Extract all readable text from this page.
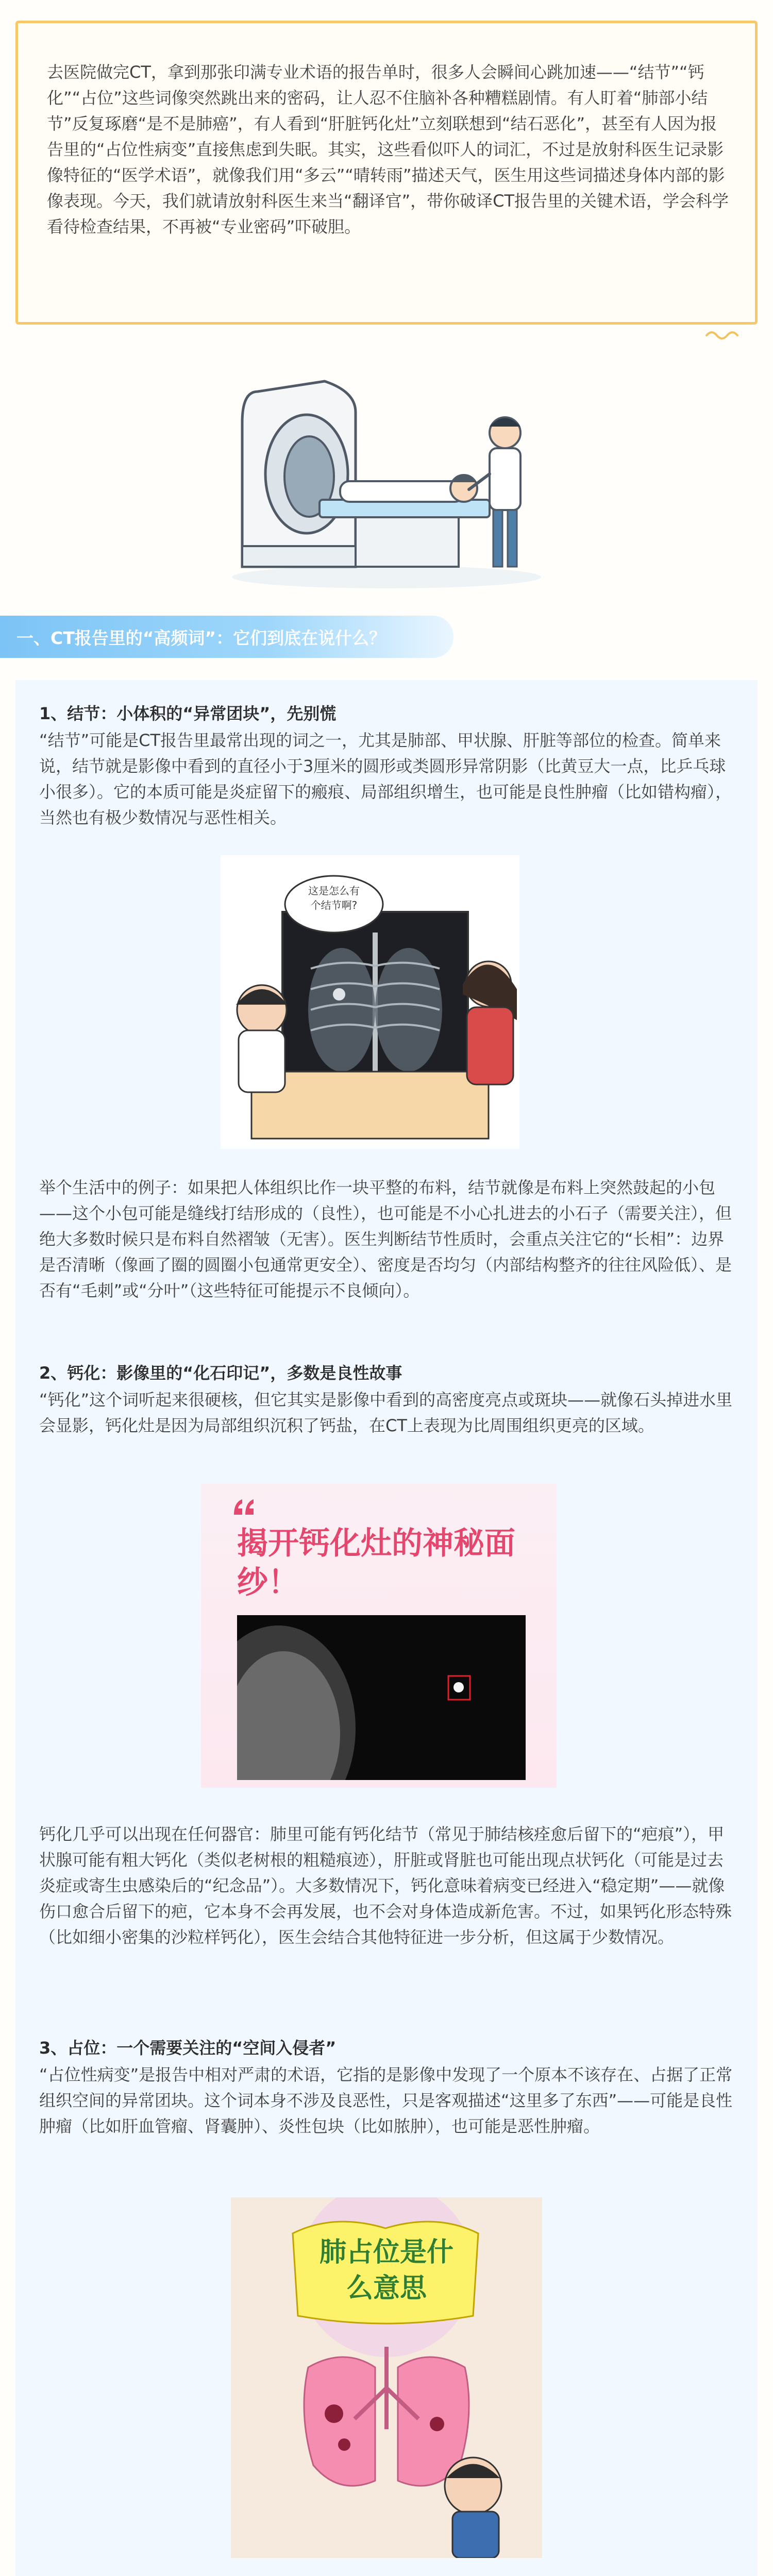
去医院做完CT，拿到那张印满专业术语的报告单时，很多人会瞬间心跳加速——“结节”“钙化”“占位”这些词像突然跳出来的密码，让人忍不住脑补各种糟糕剧情。有人盯着“肺部小结节”反复琢磨“是不是肺癌”，有人看到“肝脏钙化灶”立刻联想到“结石恶化”，甚至有人因为报告里的“占位性病变”直接焦虑到失眠。其实，这些看似吓人的词汇，不过是放射科医生记录影像特征的“医学术语”，就像我们用“多云”“晴转雨”描述天气，医生用这些词描述身体内部的影像表现。今天，我们就请放射科医生来当“翻译官”，带你破译CT报告里的关键术语，学会科学看待检查结果，不再被“专业密码”吓破胆。

一、CT报告里的“高频词”：它们到底在说什么？

1、结节：小体积的“异常团块”，先别慌

“结节”可能是CT报告里最常出现的词之一，尤其是肺部、甲状腺、肝脏等部位的检查。简单来说，结节就是影像中看到的直径小于3厘米的圆形或类圆形异常阴影（比黄豆大一点，比乒乓球小很多）。它的本质可能是炎症留下的瘢痕、局部组织增生，也可能是良性肿瘤（比如错构瘤），当然也有极少数情况与恶性相关。

这是怎么有个结节啊?

举个生活中的例子：如果把人体组织比作一块平整的布料，结节就像是布料上突然鼓起的小包——这个小包可能是缝线打结形成的（良性），也可能是不小心扎进去的小石子（需要关注），但绝大多数时候只是布料自然褶皱（无害）。医生判断结节性质时，会重点关注它的“长相”：边界是否清晰（像画了圈的圆圈小包通常更安全）、密度是否均匀（内部结构整齐的往往风险低）、是否有“毛刺”或“分叶”（这些特征可能提示不良倾向）。

2、钙化：影像里的“化石印记”，多数是良性故事

“钙化”这个词听起来很硬核，但它其实是影像中看到的高密度亮点或斑块——就像石头掉进水里会显影，钙化灶是因为局部组织沉积了钙盐，在CT上表现为比周围组织更亮的区域。

揭开钙化灶的神秘面纱！

钙化几乎可以出现在任何器官：肺里可能有钙化结节（常见于肺结核痊愈后留下的“疤痕”），甲状腺可能有粗大钙化（类似老树根的粗糙痕迹），肝脏或肾脏也可能出现点状钙化（可能是过去炎症或寄生虫感染后的“纪念品”）。大多数情况下，钙化意味着病变已经进入“稳定期”——就像伤口愈合后留下的疤，它本身不会再发展，也不会对身体造成新危害。不过，如果钙化形态特殊（比如细小密集的沙粒样钙化），医生会结合其他特征进一步分析，但这属于少数情况。

3、占位：一个需要关注的“空间入侵者”

“占位性病变”是报告中相对严肃的术语，它指的是影像中发现了一个原本不该存在、占据了正常组织空间的异常团块。这个词本身不涉及良恶性，只是客观描述“这里多了东西”——可能是良性肿瘤（比如肝血管瘤、肾囊肿）、炎性包块（比如脓肿），也可能是恶性肿瘤。

肺占位是什么意思
